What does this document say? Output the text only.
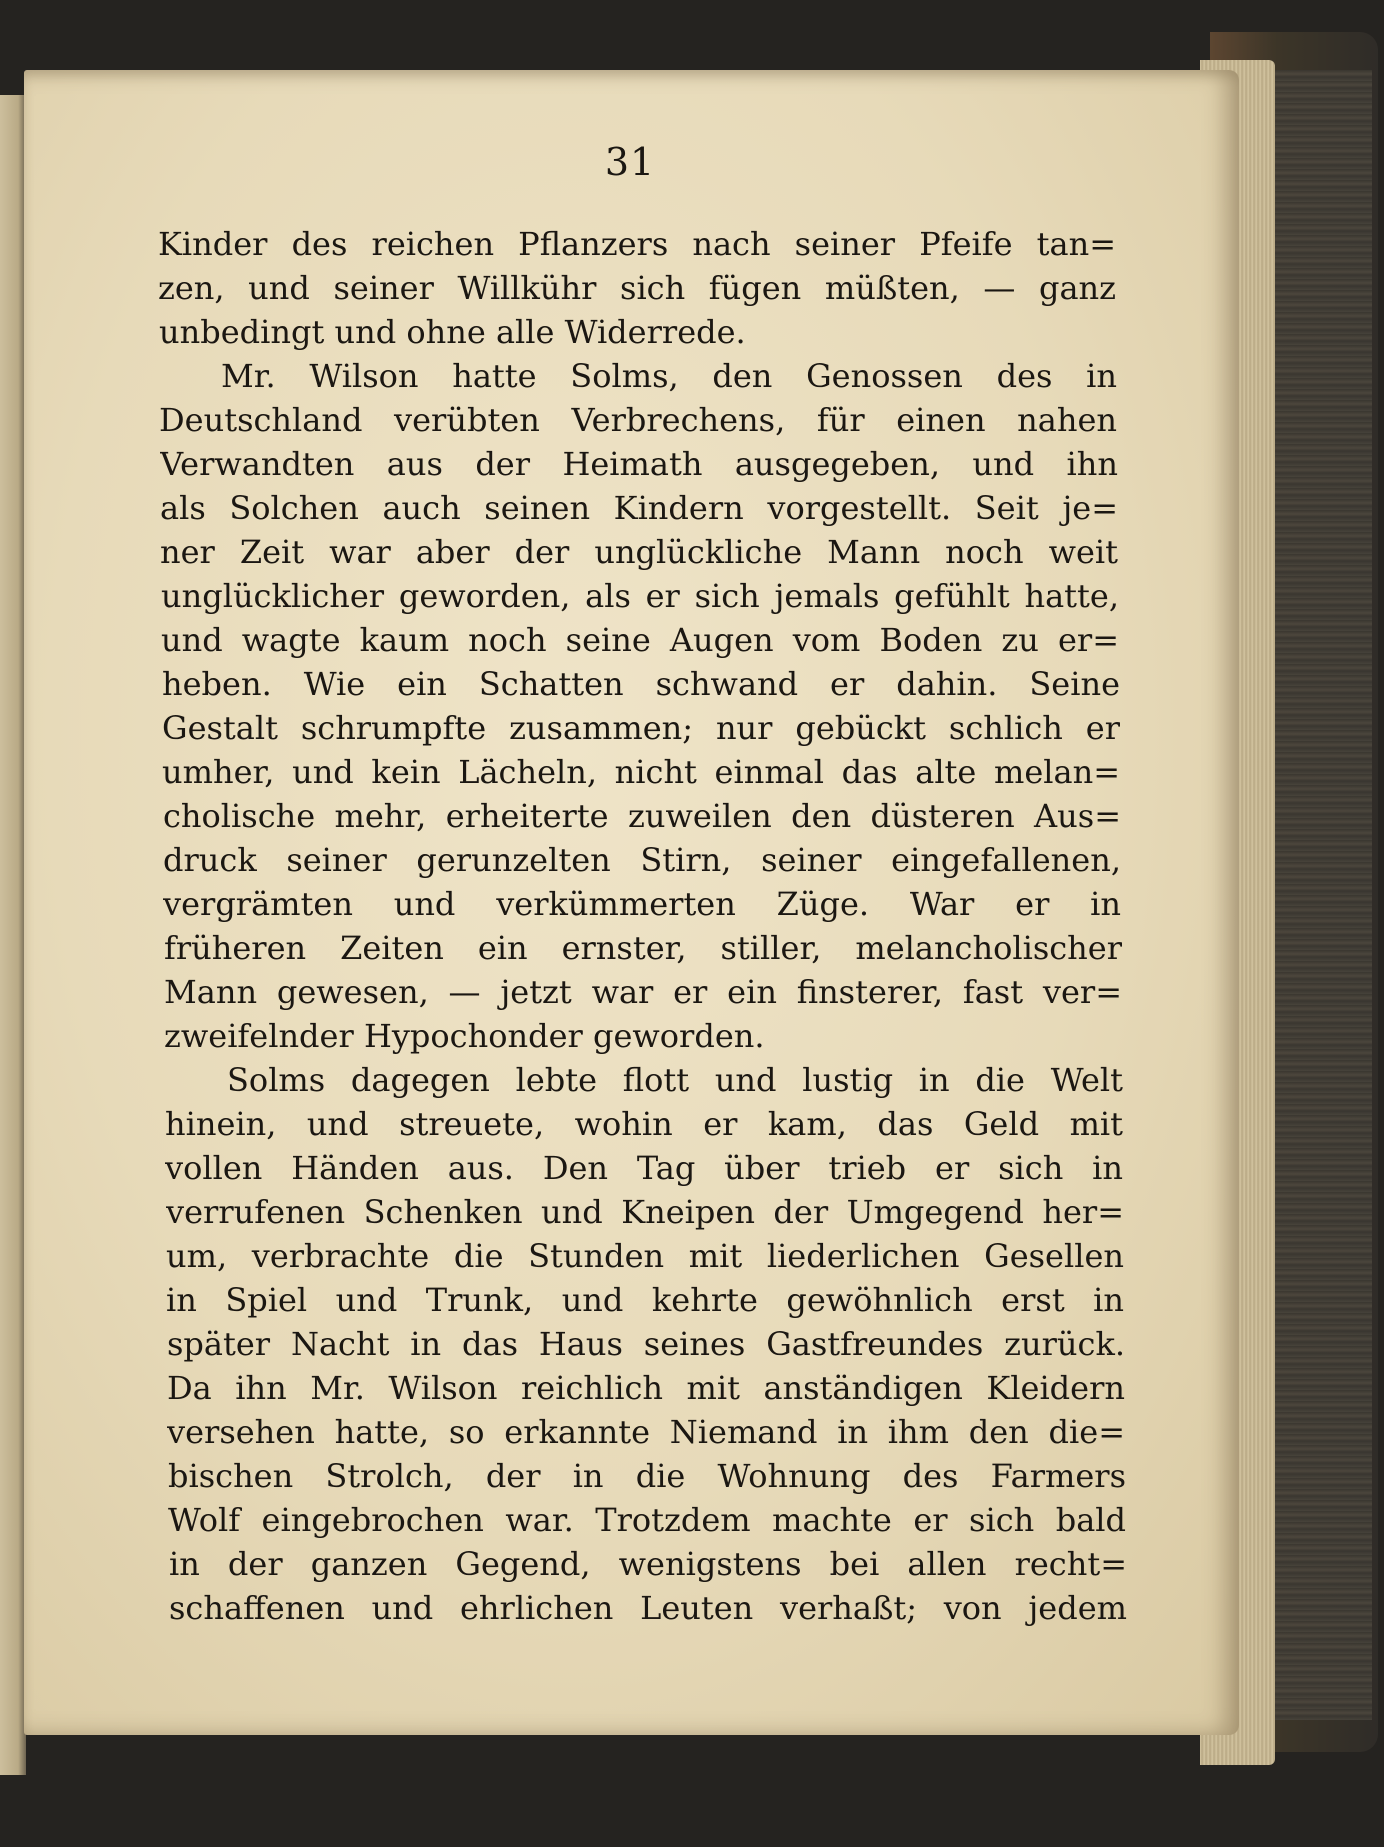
31
Kinder des reichen Pflanzers nach seiner Pfeife tan=
zen, und seiner Willkühr sich fügen müßten, — ganz
unbedingt und ohne alle Widerrede.
Mr. Wilson hatte Solms, den Genossen des in
Deutschland verübten Verbrechens, für einen nahen
Verwandten aus der Heimath ausgegeben, und ihn
als Solchen auch seinen Kindern vorgestellt. Seit je=
ner Zeit war aber der unglückliche Mann noch weit
unglücklicher geworden, als er sich jemals gefühlt hatte,
und wagte kaum noch seine Augen vom Boden zu er=
heben. Wie ein Schatten schwand er dahin. Seine
Gestalt schrumpfte zusammen; nur gebückt schlich er
umher, und kein Lächeln, nicht einmal das alte melan=
cholische mehr, erheiterte zuweilen den düsteren Aus=
druck seiner gerunzelten Stirn, seiner eingefallenen,
vergrämten und verkümmerten Züge. War er in
früheren Zeiten ein ernster, stiller, melancholischer
Mann gewesen, — jetzt war er ein finsterer, fast ver=
zweifelnder Hypochonder geworden.
Solms dagegen lebte flott und lustig in die Welt
hinein, und streuete, wohin er kam, das Geld mit
vollen Händen aus. Den Tag über trieb er sich in
verrufenen Schenken und Kneipen der Umgegend her=
um, verbrachte die Stunden mit liederlichen Gesellen
in Spiel und Trunk, und kehrte gewöhnlich erst in
später Nacht in das Haus seines Gastfreundes zurück.
Da ihn Mr. Wilson reichlich mit anständigen Kleidern
versehen hatte, so erkannte Niemand in ihm den die=
bischen Strolch, der in die Wohnung des Farmers
Wolf eingebrochen war. Trotzdem machte er sich bald
in der ganzen Gegend, wenigstens bei allen recht=
schaffenen und ehrlichen Leuten verhaßt; von jedem
